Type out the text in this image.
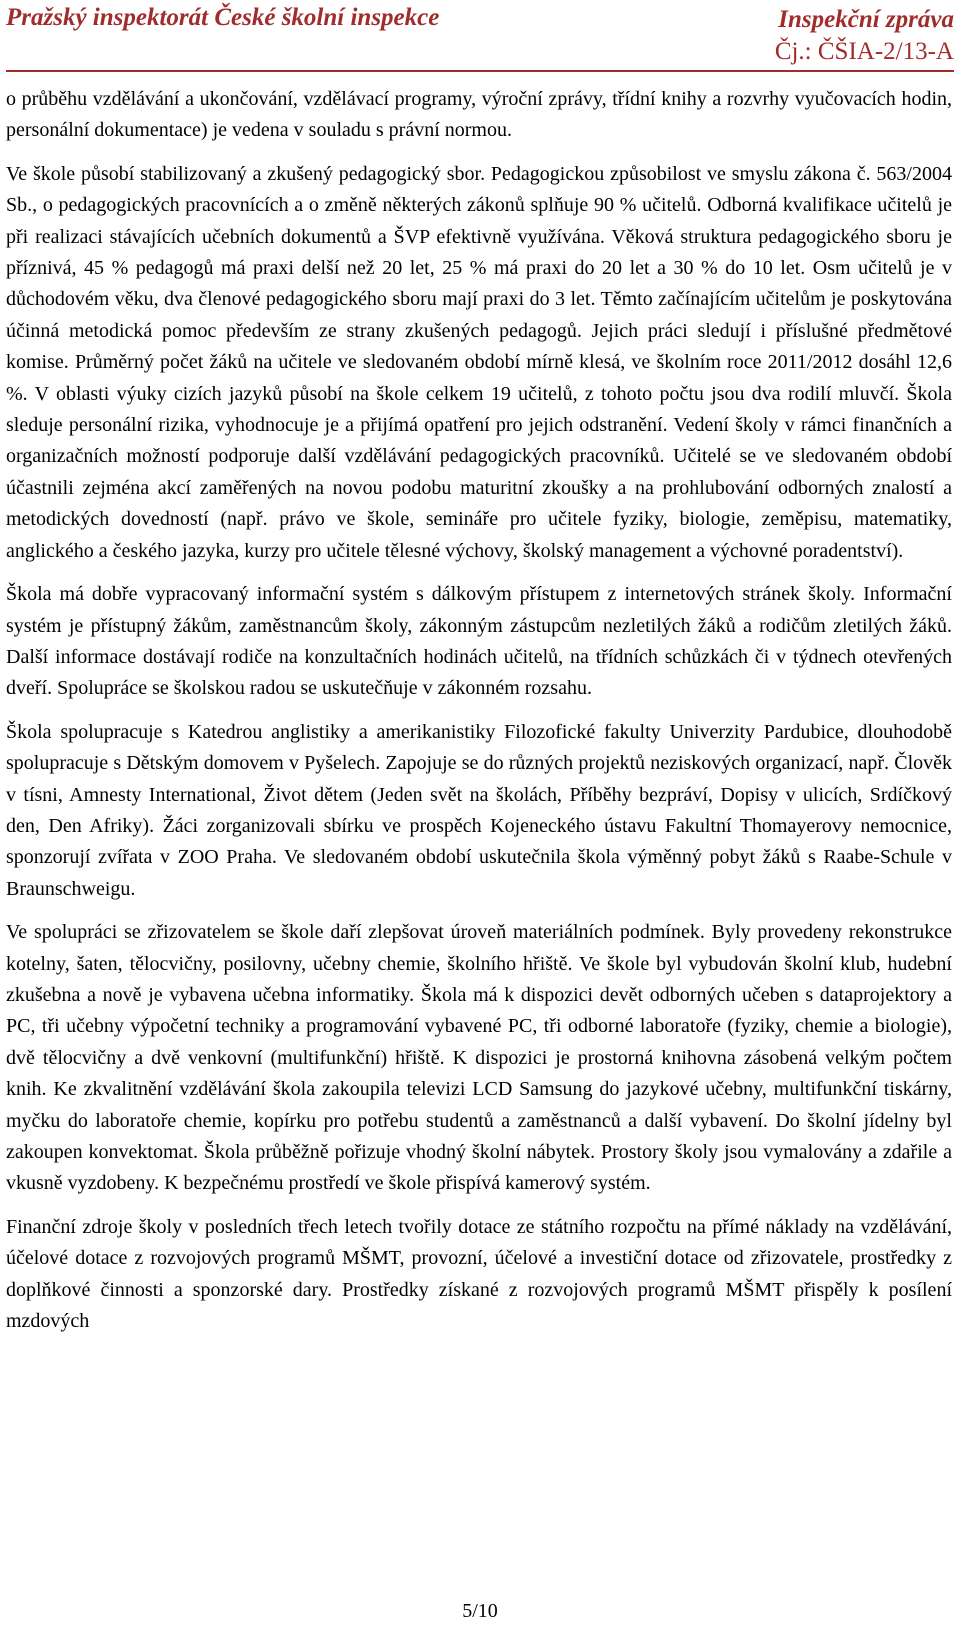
Pražský inspektorát České školní inspekce	Inspekční zpráva
Čj.: ČŠIA-2/13-A

o průběhu vzdělávání a ukončování, vzdělávací programy, výroční zprávy, třídní knihy a rozvrhy vyučovacích hodin, personální dokumentace) je vedena v souladu s právní normou.

Ve škole působí stabilizovaný a zkušený pedagogický sbor. Pedagogickou způsobilost ve smyslu zákona č. 563/2004 Sb., o pedagogických pracovnících a o změně některých zákonů splňuje 90 % učitelů. Odborná kvalifikace učitelů je při realizaci stávajících učebních dokumentů a ŠVP efektivně využívána. Věková struktura pedagogického sboru je příznivá, 45 % pedagogů má praxi delší než 20 let, 25 % má praxi do 20 let a 30 % do 10 let. Osm učitelů je v důchodovém věku, dva členové pedagogického sboru mají praxi do 3 let. Těmto začínajícím učitelům je poskytována účinná metodická pomoc především ze strany zkušených pedagogů. Jejich práci sledují i příslušné předmětové komise. Průměrný počet žáků na učitele ve sledovaném období mírně klesá, ve školním roce 2011/2012 dosáhl 12,6 %. V oblasti výuky cizích jazyků působí na škole celkem 19 učitelů, z tohoto počtu jsou dva rodilí mluvčí. Škola sleduje personální rizika, vyhodnocuje je a přijímá opatření pro jejich odstranění. Vedení školy v rámci finančních a organizačních možností podporuje další vzdělávání pedagogických pracovníků. Učitelé se ve sledovaném období účastnili zejména akcí zaměřených na novou podobu maturitní zkoušky a na prohlubování odborných znalostí a metodických dovedností (např. právo ve škole, semináře pro učitele fyziky, biologie, zeměpisu, matematiky, anglického a českého jazyka, kurzy pro učitele tělesné výchovy, školský management a výchovné poradentství).

Škola má dobře vypracovaný informační systém s dálkovým přístupem z internetových stránek školy. Informační systém je přístupný žákům, zaměstnancům školy, zákonným zástupcům nezletilých žáků a rodičům zletilých žáků. Další informace dostávají rodiče na konzultačních hodinách učitelů, na třídních schůzkách či v týdnech otevřených dveří. Spolupráce se školskou radou se uskutečňuje v zákonném rozsahu.

Škola spolupracuje s Katedrou anglistiky a amerikanistiky Filozofické fakulty Univerzity Pardubice, dlouhodobě spolupracuje s Dětským domovem v Pyšelech. Zapojuje se do různých projektů neziskových organizací, např. Člověk v tísni, Amnesty International, Život dětem (Jeden svět na školách, Příběhy bezpráví, Dopisy v ulicích, Srdíčkový den, Den Afriky). Žáci zorganizovali sbírku ve prospěch Kojeneckého ústavu Fakultní Thomayerovy nemocnice, sponzorují zvířata v ZOO Praha. Ve sledovaném období uskutečnila škola výměnný pobyt žáků s Raabe-Schule v Braunschweigu.

Ve spolupráci se zřizovatelem se škole daří zlepšovat úroveň materiálních podmínek. Byly provedeny rekonstrukce kotelny, šaten, tělocvičny, posilovny, učebny chemie, školního hřiště. Ve škole byl vybudován školní klub, hudební zkušebna a nově je vybavena učebna informatiky. Škola má k dispozici devět odborných učeben s dataprojektory a PC, tři učebny výpočetní techniky a programování vybavené PC, tři odborné laboratoře (fyziky, chemie a biologie), dvě tělocvičny a dvě venkovní (multifunkční) hřiště. K dispozici je prostorná knihovna zásobená velkým počtem knih. Ke zkvalitnění vzdělávání škola zakoupila televizi LCD Samsung do jazykové učebny, multifunkční tiskárny, myčku do laboratoře chemie, kopírku pro potřebu studentů a zaměstnanců a další vybavení. Do školní jídelny byl zakoupen konvektomat. Škola průběžně pořizuje vhodný školní nábytek. Prostory školy jsou vymalovány a zdařile a vkusně vyzdobeny. K bezpečnému prostředí ve škole přispívá kamerový systém.

Finanční zdroje školy v posledních třech letech tvořily dotace ze státního rozpočtu na přímé náklady na vzdělávání, účelové dotace z rozvojových programů MŠMT, provozní, účelové a investiční dotace od zřizovatele, prostředky z doplňkové činnosti a sponzorské dary. Prostředky získané z rozvojových programů MŠMT přispěly k posílení mzdových

5/10
